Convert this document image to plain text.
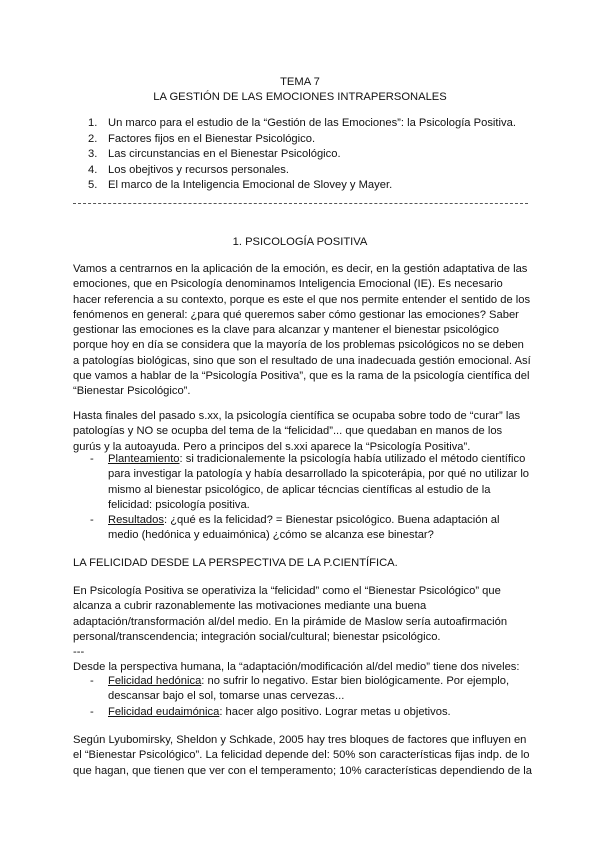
TEMA 7
LA GESTIÓN DE LAS EMOCIONES INTRAPERSONALES
1. Un marco para el estudio de la “Gestión de las Emociones”: la Psicología Positiva.
2. Factores fijos en el Bienestar Psicológico.
3. Las circunstancias en el Bienestar Psicológico.
4. Los obejtivos y recursos personales.
5. El marco de la Inteligencia Emocional de Slovey y Mayer.
1. PSICOLOGÍA POSITIVA

Vamos a centrarnos en la aplicación de la emoción, es decir, en la gestión adaptativa de las emociones, que en Psicología denominamos Inteligencia Emocional (IE). Es necesario hacer referencia a su contexto, porque es este el que nos permite entender el sentido de los fenómenos en general: ¿para qué queremos saber cómo gestionar las emociones? Saber gestionar las emociones es la clave para alcanzar y mantener el bienestar psicológico porque hoy en día se considera que la mayoría de los problemas psicológicos no se deben a patologías biológicas, sino que son el resultado de una inadecuada gestión emocional. Así que vamos a hablar de la “Psicología Positiva”, que es la rama de la psicología científica del “Bienestar Psicológico”.

Hasta finales del pasado s.xx, la psicología científica se ocupaba sobre todo de “curar” las patologías y NO se ocupba del tema de la “felicidad”... que quedaban en manos de los gurús y la autoayuda. Pero a principos del s.xxi aparece la “Psicología Positiva”.

-	Planteamiento: si tradicionalemente la psicología había utilizado el método científico para investigar la patología y había desarrollado la spicoterápia, por qué no utilizar lo mismo al bienestar psicológico, de aplicar técncias científicas al estudio de la felicidad: psicología positiva.
-	Resultados: ¿qué es la felicidad? = Bienestar psicológico. Buena adaptación al medio (hedónica y eduaimónica) ¿cómo se alcanza ese binestar?

LA FELICIDAD DESDE LA PERSPECTIVA DE LA P.CIENTÍFICA.

En Psicología Positiva se operativiza la “felicidad” como el “Bienestar Psicológico” que alcanza a cubrir razonablemente las motivaciones mediante una buena adaptación/transformación al/del medio. En la pirámide de Maslow sería autoafirmación personal/transcendencia; integración social/cultural; bienestar psicológico.

---

Desde la perspectiva humana, la “adaptación/modificación al/del medio” tiene dos niveles:

-	Felicidad hedónica: no sufrir lo negativo. Estar bien biológicamente. Por ejemplo, descansar bajo el sol, tomarse unas cervezas...
-	Felicidad eudaimónica: hacer algo positivo. Lograr metas u objetivos.

Según Lyubomirsky, Sheldon y Schkade, 2005 hay tres bloques de factores que influyen en el “Bienestar Psicológico”. La felicidad depende del: 50% son características fijas indp. de lo que hagan, que tienen que ver con el temperamento; 10% características dependiendo de la
